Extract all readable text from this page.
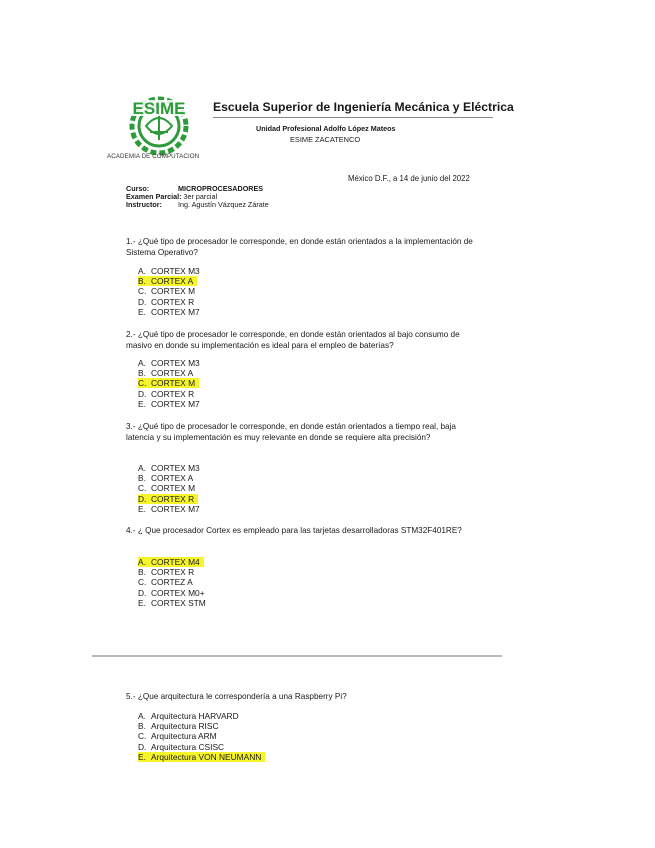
ESIME Escuela Superior de Ingeniería Mecánica y Eléctrica
Unidad Profesional Adolfo López Mateos
ESIME ZACATENCO
ACADEMIA DE COMPUTACION
México D.F., a 14 de junio del 2022
Curso:	MICROPROCESADORES
Examen Parcial: 3er parcial
Instructor: Ing. Agustín Vázquez Zárate
1.- ¿Qué tipo de procesador le corresponde, en donde están orientados a la implementación de Sistema Operativo?
A. CORTEX M3
B. CORTEX A
C. CORTEX M
D. CORTEX R
E. CORTEX M7
2.- ¿Qué tipo de procesador le corresponde, en donde están orientados al bajo consumo de masivo en donde su implementación es ideal para el empleo de baterías?
A. CORTEX M3
B. CORTEX A
C. CORTEX M
D. CORTEX R
E. CORTEX M7
3.- ¿Qué tipo de procesador le corresponde, en donde están orientados a tiempo real, baja latencia y su implementación es muy relevante en donde se requiere alta precisión?
A. CORTEX M3
B. CORTEX A
C. CORTEX M
D. CORTEX R
E. CORTEX M7
4.- ¿ Que procesador Cortex es empleado para las tarjetas desarrolladoras STM32F401RE?
A. CORTEX M4
B. CORTEX R
C. CORTEZ A
D. CORTEX M0+
E. CORTEX STM
5.- ¿Que arquitectura le correspondería a una Raspberry Pi?
A. Arquitectura HARVARD
B. Arquitectura RISC
C. Arquitectura ARM
D. Arquitectura CSISC
E. Arquitectura VON NEUMANN
